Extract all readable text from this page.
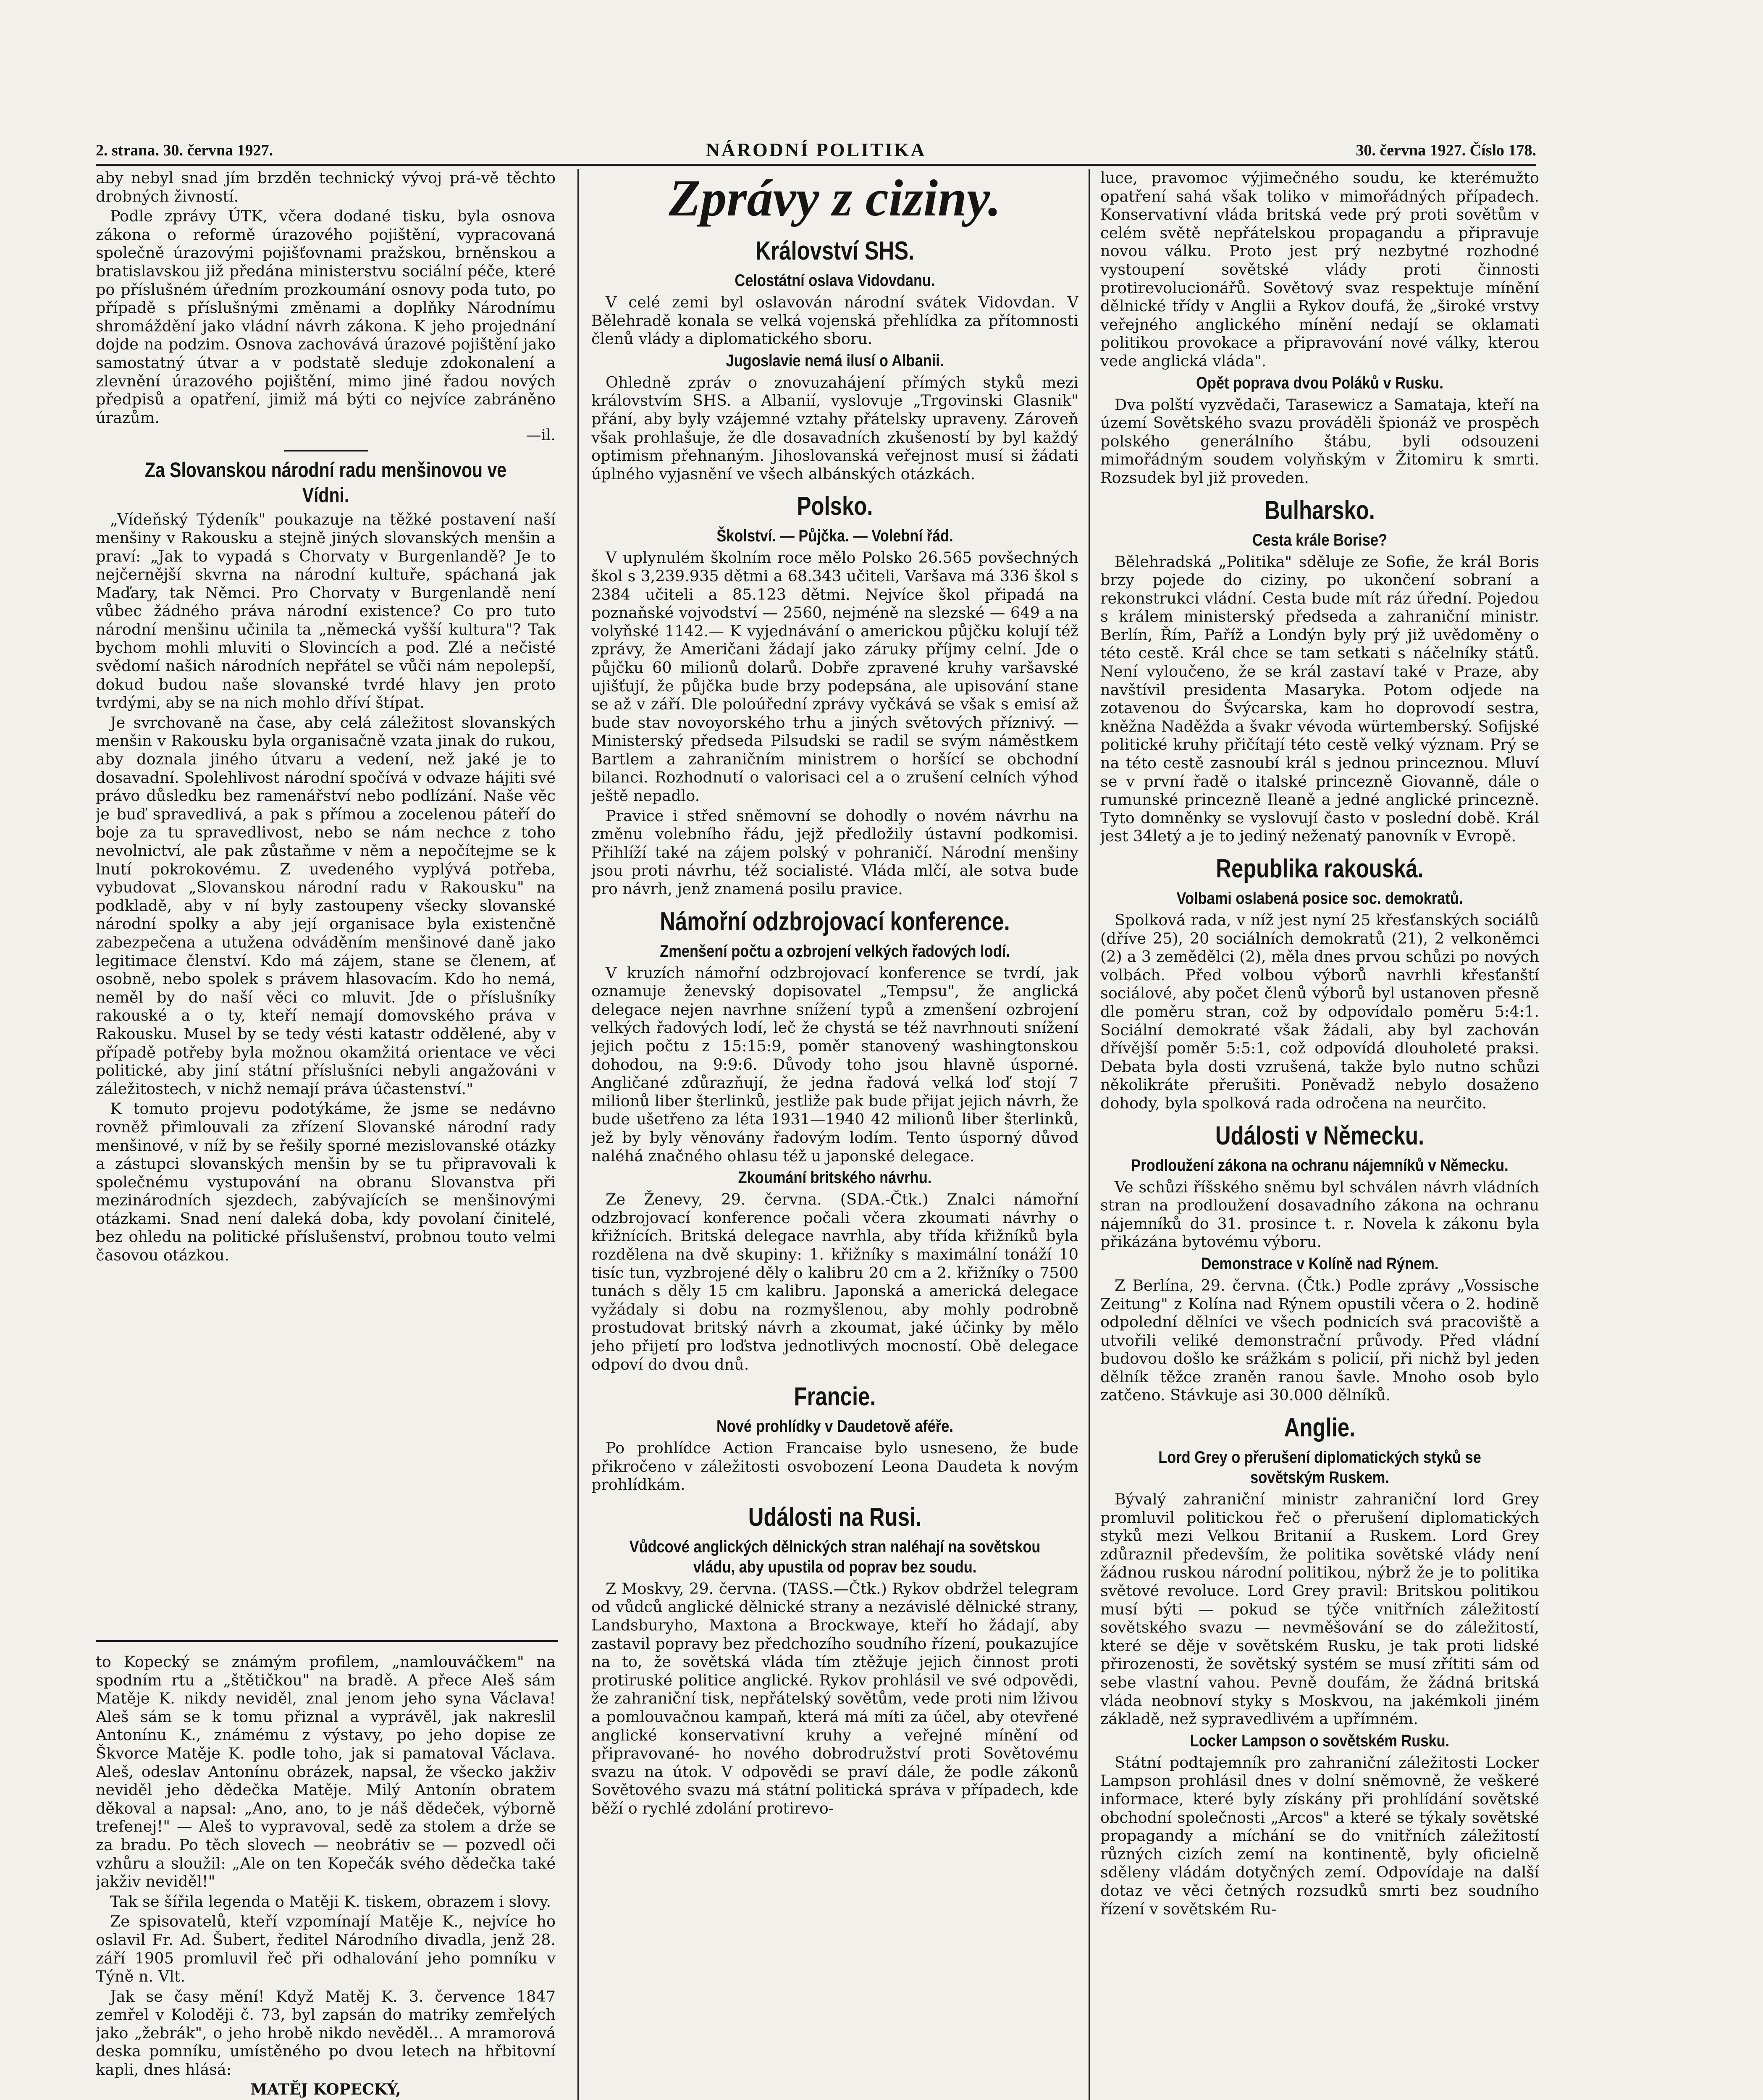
2. strana. 30. června 1927.	NÁRODNÍ POLITIKA	30. června 1927. Číslo 178.

aby nebyl snad jím brzděn technický vývoj prá-vě těchto drobných živností.

Podle zprávy ÚTK, včera dodané tisku, byla osnova zákona o reformě úrazového pojištění, vypracovaná společně úrazovými pojišťovnami pražskou, brněnskou a bratislavskou již předána ministerstvu sociální péče, které po příslušném úředním prozkoumání osnovy poda tuto, po případě s příslušnými změnami a doplňky Národnímu shromáždění jako vládní návrh zákona. K jeho projednání dojde na podzim. Osnova zachovává úrazové pojištění jako samostatný útvar a v podstatě sleduje zdokonalení a zlevnění úrazového pojištění, mimo jiné řadou nových předpisů a opatření, jimiž má býti co nejvíce zabráněno úrazům.

—il.
Za Slovanskou národní radu menšinovou ve Vídni.

„Vídeňský Týdeník" poukazuje na těžké postavení naší menšiny v Rakousku a stejně jiných slovanských menšin a praví: „Jak to vypadá s Chorvaty v Burgenlandě? Je to nejčernější skvrna na národní kultuře, spáchaná jak Maďary, tak Němci. Pro Chorvaty v Burgenlandě není vůbec žádného práva národní existence? Co pro tuto národní menšinu učinila ta „německá vyšší kultura"? Tak bychom mohli mluviti o Slovincích a pod. Zlé a nečisté svědomí našich národních nepřátel se vůči nám nepolepší, dokud budou naše slovanské tvrdé hlavy jen proto tvrdými, aby se na nich mohlo dříví štípat.

Je svrchovaně na čase, aby celá záležitost slovanských menšin v Rakousku byla organisačně vzata jinak do rukou, aby doznala jiného útvaru a vedení, než jaké je to dosavadní. Spolehlivost národní spočívá v odvaze hájiti své právo důsledku bez ramenářství nebo podlízání. Naše věc je buď spravedlivá, a pak s přímou a zocelenou páteří do boje za tu spravedlivost, nebo se nám nechce z toho nevolnictví, ale pak zůstaňme v něm a nepočítejme se k lnutí pokrokovému. Z uvedeného vyplývá potřeba, vybudovat „Slovanskou národní radu v Rakousku" na podkladě, aby v ní byly zastoupeny všecky slovanské národní spolky a aby její organisace byla existenčně zabezpečena a utužena odváděním menšinové daně jako legitimace členství. Kdo má zájem, stane se členem, ať osobně, nebo spolek s právem hlasovacím. Kdo ho nemá, neměl by do naší věci co mluvit. Jde o příslušníky rakouské a o ty, kteří nemají domovského práva v Rakousku. Musel by se tedy vésti katastr oddělené, aby v případě potřeby byla možnou okamžitá orientace ve věci politické, aby jiní státní příslušníci nebyli angažováni v záležitostech, v nichž nemají práva účastenství."

K tomuto projevu podotýkáme, že jsme se nedávno rovněž přimlouvali za zřízení Slovanské národní rady menšinové, v níž by se řešily sporné mezislovanské otázky a zástupci slovanských menšin by se tu připravovali k společnému vystupování na obranu Slovanstva při mezinárodních sjezdech, zabývajících se menšinovými otázkami. Snad není daleká doba, kdy povolaní činitelé, bez ohledu na politické příslušenství, probnou touto velmi časovou otázkou.

to Kopecký se známým profilem, „namlouváčkem" na spodním rtu a „štětičkou" na bradě. A přece Aleš sám Matěje K. nikdy neviděl, znal jenom jeho syna Václava! Aleš sám se k tomu přiznal a vyprávěl, jak nakreslil Antonínu K., známému z výstavy, po jeho dopise ze Škvorce Matěje K. podle toho, jak si pamatoval Václava. Aleš, odeslav Antonínu obrázek, napsal, že všecko jakživ neviděl jeho dědečka Matěje. Milý Antonín obratem děkoval a napsal: „Ano, ano, to je náš dědeček, výborně trefenej!" — Aleš to vypravoval, sedě za stolem a drže se za bradu. Po těch slovech — neobrátiv se — pozvedl oči vzhůru a sloužil: „Ale on ten Kopečák svého dědečka také jakživ neviděl!"

Tak se šířila legenda o Matěji K. tiskem, obrazem i slovy.

Ze spisovatelů, kteří vzpomínají Matěje K., nejvíce ho oslavil Fr. Ad. Šubert, ředitel Národního divadla, jenž 28. září 1905 promluvil řeč při odhalování jeho pomníku v Týně n. Vlt.

Jak se časy mění! Když Matěj K. 3. července 1847 zemřel v Koloději č. 73, byl zapsán do matriky zemřelých jako „žebrák", o jeho hrobě nikdo nevěděl... A mramorová deska pomníku, umístěného po dvou letech na hřbitovní kapli, dnes hlásá:

MATĚJ KOPECKÝ,

Zprávy z ciziny.
Království SHS.
Celostátní oslava Vidovdanu.

V celé zemi byl oslavován národní svátek Vidovdan. V Bělehradě konala se velká vojenská přehlídka za přítomnosti členů vlády a diplomatického sboru.

Jugoslavie nemá ilusí o Albanii.

Ohledně zpráv o znovuzahájení přímých styků mezi královstvím SHS. a Albanií, vyslovuje „Trgovinski Glasnik" přání, aby byly vzájemné vztahy přátelsky upraveny. Zároveň však prohlašuje, že dle dosavadních zkušeností by byl každý optimism přehnaným. Jihoslovanská veřejnost musí si žádati úplného vyjasnění ve všech albánských otázkách.

Polsko.
Školství. — Půjčka. — Volební řád.

V uplynulém školním roce mělo Polsko 26.565 povšechných škol s 3,239.935 dětmi a 68.343 učiteli, Varšava má 336 škol s 2384 učiteli a 85.123 dětmi. Nejvíce škol připadá na poznaňské vojvodství — 2560, nejméně na slezské — 649 a na volyňské 1142.— K vyjednávání o americkou půjčku kolují též zprávy, že Američani žádají jako záruky příjmy celní. Jde o půjčku 60 milionů dolarů. Dobře zpravené kruhy varšavské ujišťují, že půjčka bude brzy podepsána, ale upisování stane se až v září. Dle poloúřední zprávy vyčkává se však s emisí až bude stav novoyorského trhu a jiných světových příznivý. — Ministerský předseda Pilsudski se radil se svým náměstkem Bartlem a zahraničním ministrem o horšící se obchodní bilanci. Rozhodnutí o valorisaci cel a o zrušení celních výhod ještě nepadlo.

Pravice i střed sněmovní se dohodly o novém návrhu na změnu volebního řádu, jejž předložily ústavní podkomisi. Přihlíží také na zájem polský v pohraničí. Národní menšiny jsou proti návrhu, též socialisté. Vláda mlčí, ale sotva bude pro návrh, jenž znamená posilu pravice.

Námořní odzbrojovací konference.
Zmenšení počtu a ozbrojení velkých řadových lodí.

V kruzích námořní odzbrojovací konference se tvrdí, jak oznamuje ženevský dopisovatel „Tempsu", že anglická delegace nejen navrhne snížení typů a zmenšení ozbrojení velkých řadových lodí, leč že chystá se též navrhnouti snížení jejich počtu z 15:15:9, poměr stanovený washingtonskou dohodou, na 9:9:6. Důvody toho jsou hlavně úsporné. Angličané zdůrazňují, že jedna řadová velká loď stojí 7 milionů liber šterlinků, jestliže pak bude přijat jejich návrh, že bude ušetřeno za léta 1931—1940 42 milionů liber šterlinků, jež by byly věnovány řadovým lodím. Tento úsporný důvod naléhá značného ohlasu též u japonské delegace.

Zkoumání britského návrhu.

Ze Ženevy, 29. června. (SDA.-Čtk.) Znalci námořní odzbrojovací konference počali včera zkoumati návrhy o křižnících. Britská delegace navrhla, aby třída křižníků byla rozdělena na dvě skupiny: 1. křižníky s maximální tonáží 10 tisíc tun, vyzbrojené děly o kalibru 20 cm a 2. křižníky o 7500 tunách s děly 15 cm kalibru. Japonská a americká delegace vyžádaly si dobu na rozmyšlenou, aby mohly podrobně prostudovat britský návrh a zkoumat, jaké účinky by mělo jeho přijetí pro loďstva jednotlivých mocností. Obě delegace odpoví do dvou dnů.

Francie.
Nové prohlídky v Daudetově aféře.

Po prohlídce Action Francaise bylo usneseno, že bude přikročeno v záležitosti osvobození Leona Daudeta k novým prohlídkám.

Události na Rusi.
Vůdcové anglických dělnických stran naléhají na sovětskou vládu, aby upustila od poprav bez soudu.

Z Moskvy, 29. června. (TASS.—Čtk.) Rykov obdržel telegram od vůdců anglické dělnické strany a nezávislé dělnické strany, Landsburyho, Maxtona a Brockwaye, kteří ho žádají, aby zastavil popravy bez předchozího soudního řízení, poukazujíce na to, že sovětská vláda tím ztěžuje jejich činnost proti protiruské politice anglické. Rykov prohlásil ve své odpovědi, že zahraniční tisk, nepřátelský sovětům, vede proti nim lživou a pomlouvačnou kampaň, která má míti za účel, aby otevřené anglické konservativní kruhy a veřejné mínění od připravované- ho nového dobrodružství proti Sovětovému svazu na útok. V odpovědi se praví dále, že podle zákonů Sovětového svazu má státní politická správa v případech, kde běží o rychlé zdolání protirevo-

luce, pravomoc výjimečného soudu, ke kterémužto opatření sahá však toliko v mimořádných případech. Konservativní vláda britská vede prý proti sovětům v celém světě nepřátelskou propagandu a připravuje novou válku. Proto jest prý nezbytné rozhodné vystoupení sovětské vlády proti činnosti protirevolucionářů. Sovětový svaz respektuje mínění dělnické třídy v Anglii a Rykov doufá, že „široké vrstvy veřejného anglického mínění nedají se oklamati politikou provokace a připravování nové války, kterou vede anglická vláda".

Opět poprava dvou Poláků v Rusku.

Dva polští vyzvědači, Tarasewicz a Samataja, kteří na území Sovětského svazu prováděli špionáž ve prospěch polského generálního štábu, byli odsouzeni mimořádným soudem volyňským v Žitomiru k smrti. Rozsudek byl již proveden.

Bulharsko.
Cesta krále Borise?

Bělehradská „Politika" sděluje ze Sofie, že král Boris brzy pojede do ciziny, po ukončení sobraní a rekonstrukci vládní. Cesta bude mít ráz úřední. Pojedou s králem ministerský předseda a zahraniční ministr. Berlín, Řím, Paříž a Londýn byly prý již uvědoměny o této cestě. Král chce se tam setkati s náčelníky států. Není vyloučeno, že se král zastaví také v Praze, aby navštívil presidenta Masaryka. Potom odjede na zotavenou do Švýcarska, kam ho doprovodí sestra, kněžna Naděžda a švakr vévoda würtemberský. Sofijské politické kruhy přičítají této cestě velký význam. Prý se na této cestě zasnoubí král s jednou princeznou. Mluví se v první řadě o italské princezně Giovanně, dále o rumunské princezně Ileaně a jedné anglické princezně. Tyto domněnky se vyslovují často v poslední době. Král jest 34letý a je to jediný neženatý panovník v Evropě.

Republika rakouská.
Volbami oslabená posice soc. demokratů.

Spolková rada, v níž jest nyní 25 křesťanských sociálů (dříve 25), 20 sociálních demokratů (21), 2 velkoněmci (2) a 3 zemědělci (2), měla dnes prvou schůzi po nových volbách. Před volbou výborů navrhli křesťanští sociálové, aby počet členů výborů byl ustanoven přesně dle poměru stran, což by odpovídalo poměru 5:4:1. Sociální demokraté však žádali, aby byl zachován dřívější poměr 5:5:1, což odpovídá dlouholeté praksi. Debata byla dosti vzrušená, takže bylo nutno schůzi několikráte přerušiti. Poněvadž nebylo dosaženo dohody, byla spolková rada odročena na neurčito.

Události v Německu.
Prodloužení zákona na ochranu nájemníků v Německu.

Ve schůzi říšského sněmu byl schválen návrh vládních stran na prodloužení dosavadního zákona na ochranu nájemníků do 31. prosince t. r. Novela k zákonu byla přikázána bytovému výboru.

Demonstrace v Kolíně nad Rýnem.

Z Berlína, 29. června. (Čtk.) Podle zprávy „Vossische Zeitung" z Kolína nad Rýnem opustili včera o 2. hodině odpolední dělníci ve všech podnicích svá pracoviště a utvořili veliké demonstrační průvody. Před vládní budovou došlo ke srážkám s policií, při nichž byl jeden dělník těžce zraněn ranou šavle. Mnoho osob bylo zatčeno. Stávkuje asi 30.000 dělníků.

Anglie.
Lord Grey o přerušení diplomatických styků se sovětským Ruskem.

Bývalý zahraniční ministr zahraniční lord Grey promluvil politickou řeč o přerušení diplomatických styků mezi Velkou Britanií a Ruskem. Lord Grey zdůraznil především, že politika sovětské vlády není žádnou ruskou národní politikou, nýbrž že je to politika světové revoluce. Lord Grey pravil: Britskou politikou musí býti — pokud se týče vnitřních záležitostí sovětského svazu — nevměšování se do záležitostí, které se děje v sovětském Rusku, je tak proti lidské přirozenosti, že sovětský systém se musí zřítiti sám od sebe vlastní vahou. Pevně doufám, že žádná britská vláda neobnoví styky s Moskvou, na jakémkoli jiném základě, než sypravedlivém a upřímném.

Locker Lampson o sovětském Rusku.

Státní podtajemník pro zahraniční záležitosti Locker Lampson prohlásil dnes v dolní sněmovně, že veškeré informace, které byly získány při prohlídání sovětské obchodní společnosti „Arcos" a které se týkaly sovětské propagandy a míchání se do vnitřních záležitostí různých cizích zemí na kontinentě, byly oficielně sděleny vládám dotyčných zemí. Odpovídaje na další dotaz ve věci četných rozsudků smrti bez soudního řízení v sovětském Ru-
